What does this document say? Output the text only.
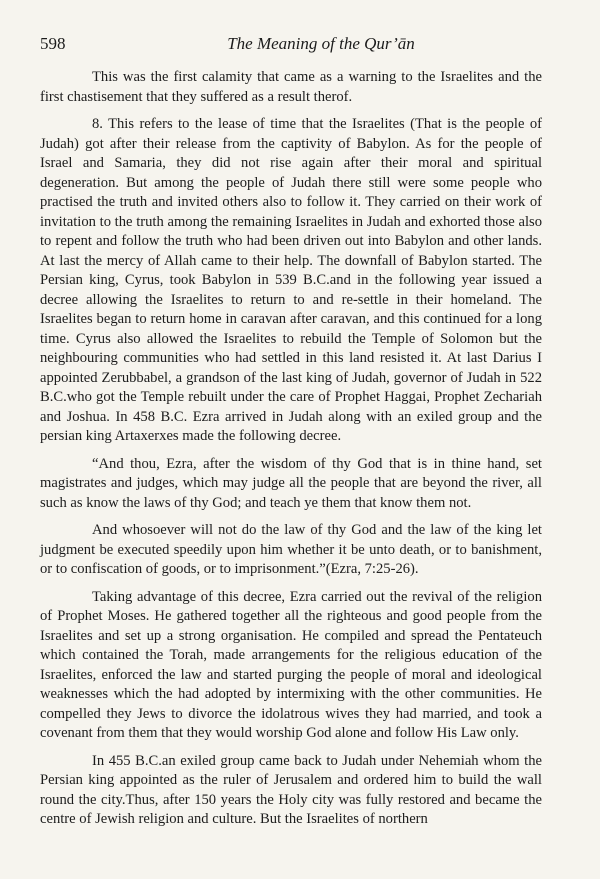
598	The Meaning of the Qur’ān

This was the first calamity that came as a warning to the Israelites and the first chastisement that they suffered as a result therof.

8. This refers to the lease of time that the Israelites (That is the people of Judah) got after their release from the captivity of Babylon. As for the people of Israel and Samaria, they did not rise again after their moral and spiritual degeneration. But among the people of Judah there still were some people who practised the truth and invited others also to follow it. They carried on their work of invitation to the truth among the remaining Israelites in Judah and exhorted those also to repent and follow the truth who had been driven out into Babylon and other lands. At last the mercy of Allah came to their help. The downfall of Babylon started. The Persian king, Cyrus, took Babylon in 539 B.C.and in the following year issued a decree allowing the Israelites to return to and re-settle in their homeland. The Israelites began to return home in caravan after caravan, and this continued for a long time. Cyrus also allowed the Israelites to rebuild the Temple of Solomon but the neighbouring communities who had settled in this land resisted it. At last Darius I appointed Zerubbabel, a grandson of the last king of Judah, governor of Judah in 522 B.C.who got the Temple rebuilt under the care of Prophet Haggai, Prophet Zechariah and Joshua. In 458 B.C. Ezra arrived in Judah along with an exiled group and the persian king Artaxerxes made the following decree.

“And thou, Ezra, after the wisdom of thy God that is in thine hand, set magistrates and judges, which may judge all the people that are beyond the river, all such as know the laws of thy God; and teach ye them that know them not.

And whosoever will not do the law of thy God and the law of the king let judgment be executed speedily upon him whether it be unto death, or to banishment, or to confiscation of goods, or to imprisonment.”(Ezra, 7:25-26).

Taking advantage of this decree, Ezra carried out the revival of the religion of Prophet Moses. He gathered together all the righteous and good people from the Israelites and set up a strong organisation. He compiled and spread the Pentateuch which contained the Torah, made arrangements for the religious education of the Israelites, enforced the law and started purging the people of moral and ideological weaknesses which the had adopted by intermixing with the other communities. He compelled they Jews to divorce the idolatrous wives they had married, and took a covenant from them that they would worship God alone and follow His Law only.

In 455 B.C.an exiled group came back to Judah under Nehemiah whom the Persian king appointed as the ruler of Jerusalem and ordered him to build the wall round the city.Thus, after 150 years the Holy city was fully restored and became the centre of Jewish religion and culture. But the Israelites of northern
